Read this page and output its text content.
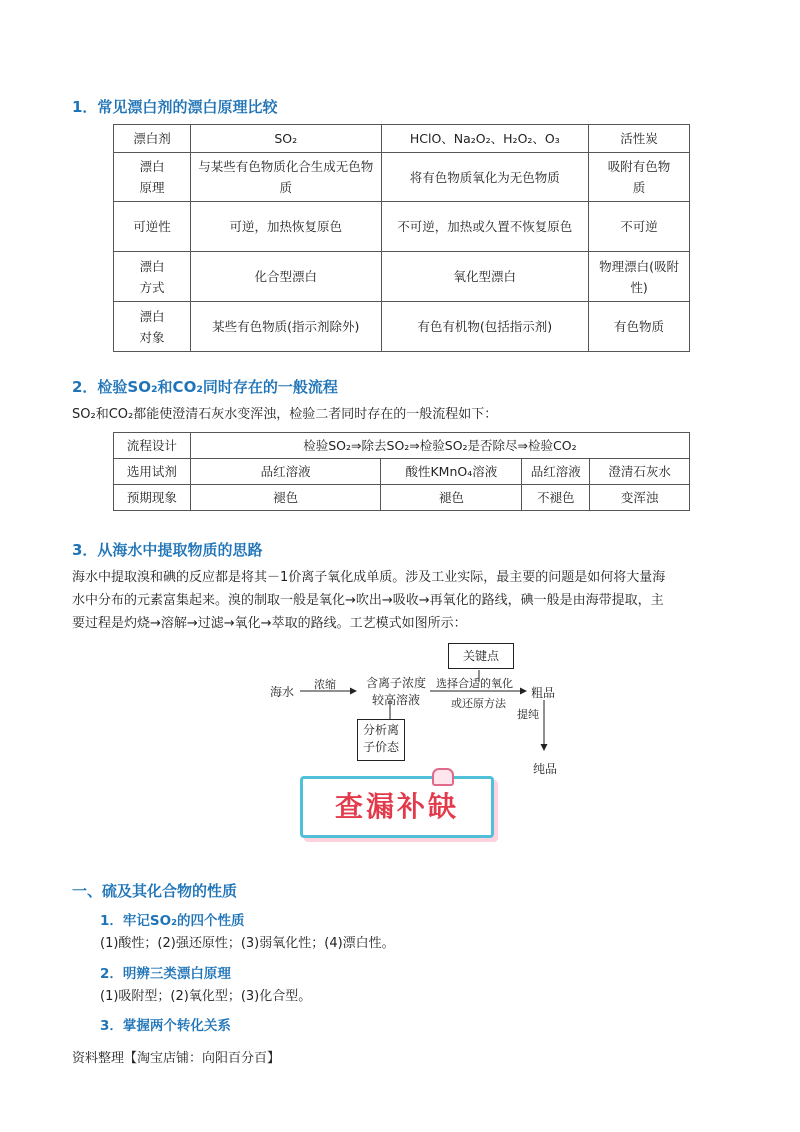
1．常见漂白剂的漂白原理比较
漂白剂	SO₂	HClO、Na₂O₂、H₂O₂、O₃	活性炭
漂白原理	与某些有色物质化合生成无色物质	将有色物质氧化为无色物质	吸附有色物质
可逆性	可逆，加热恢复原色	不可逆，加热或久置不恢复原色	不可逆
漂白方式	化合型漂白	氧化型漂白	物理漂白(吸附性)
漂白对象	某些有色物质(指示剂除外)	有色有机物(包括指示剂)	有色物质
2．检验SO₂和CO₂同时存在的一般流程
SO₂和CO₂都能使澄清石灰水变浑浊，检验二者同时存在的一般流程如下：
流程设计	检验SO₂⇒除去SO₂⇒检验SO₂是否除尽⇒检验CO₂			
选用试剂	品红溶液	酸性KMnO₄溶液	品红溶液	澄清石灰水
预期现象	褪色	褪色	不褪色	变浑浊
3．从海水中提取物质的思路
海水中提取溴和碘的反应都是将其－1价离子氧化成单质。涉及工业实际，最主要的问题是如何将大量海
水中分布的元素富集起来。溴的制取一般是氧化→吹出→吸收→再氧化的路线，碘一般是由海带提取，主
要过程是灼烧→溶解→过滤→氧化→萃取的路线。工艺模式如图所示：
海水
浓缩	含离子浓度
较高溶液
关键点
选择合适的氧化
或还原方法
粗品
提纯
纯品
分析离
子价态
查漏补缺
一、硫及其化合物的性质
1．牢记SO₂的四个性质
(1)酸性；(2)强还原性；(3)弱氧化性；(4)漂白性。
2．明辨三类漂白原理
(1)吸附型；(2)氧化型；(3)化合型。
3．掌握两个转化关系
资料整理【淘宝店铺：向阳百分百】
